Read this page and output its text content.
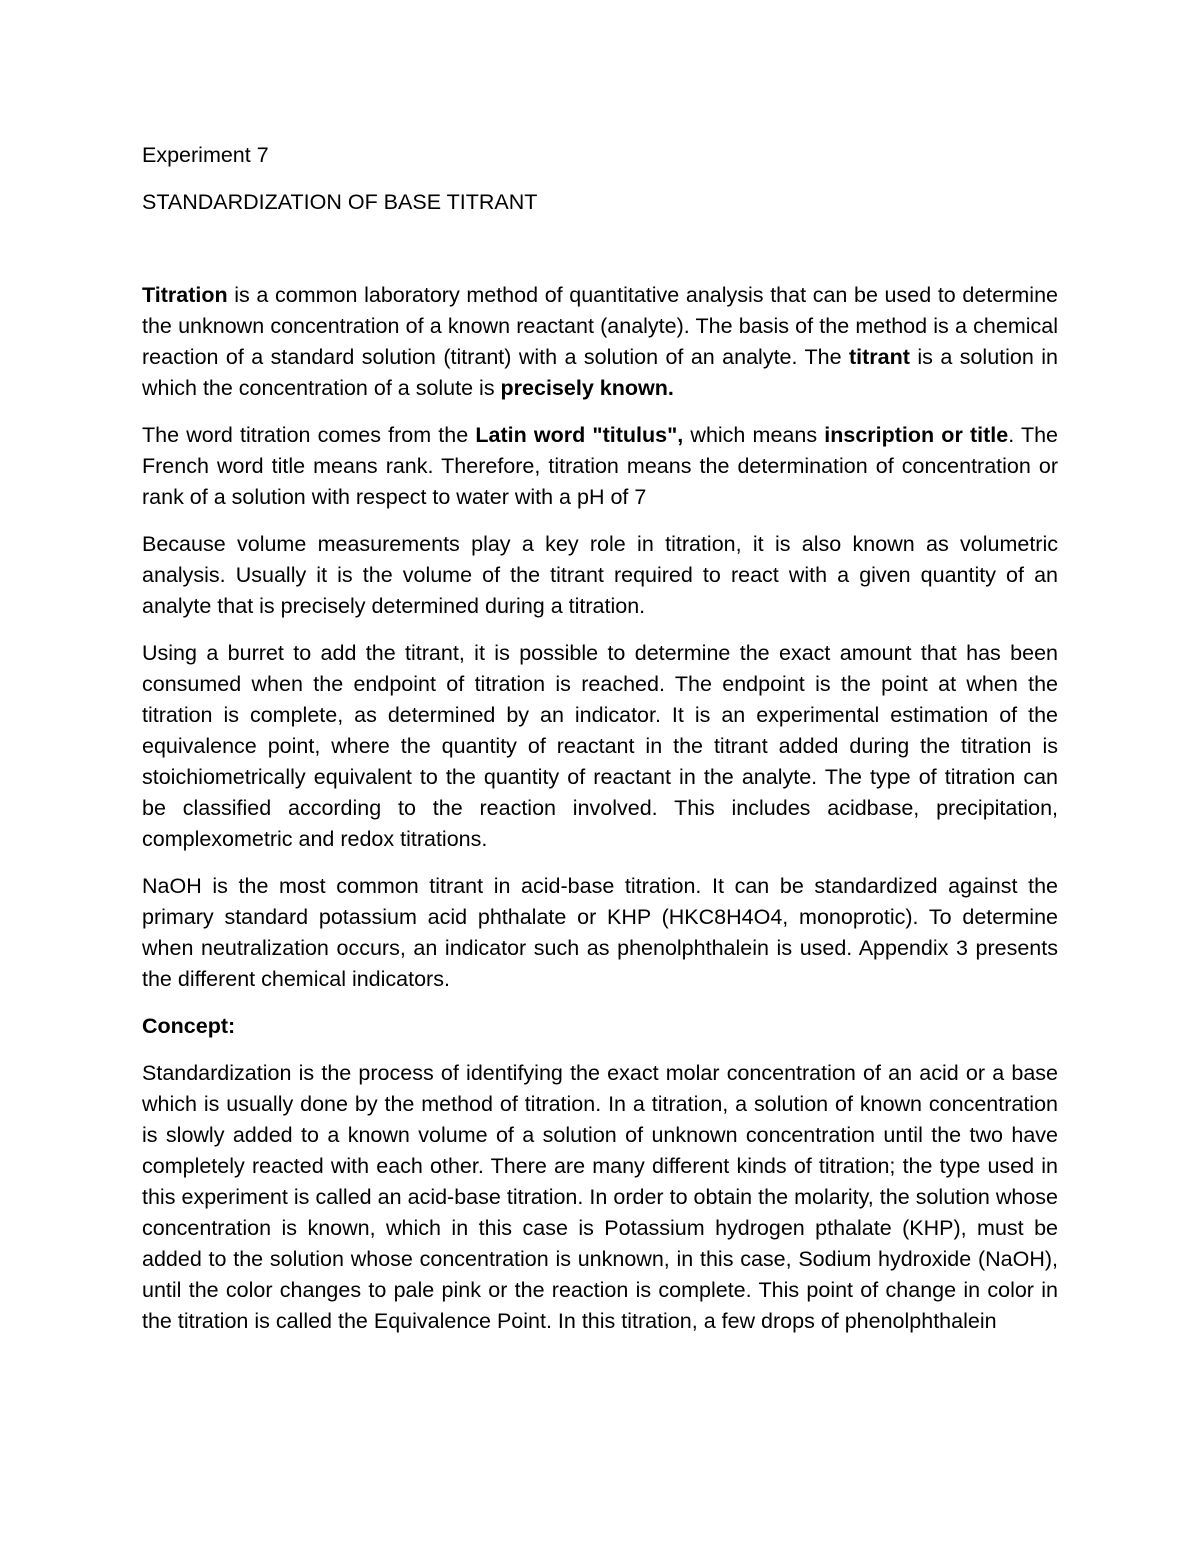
Experiment 7
STANDARDIZATION OF BASE TITRANT

Titration is a common laboratory method of quantitative analysis that can be used to determine the unknown concentration of a known reactant (analyte). The basis of the method is a chemical reaction of a standard solution (titrant) with a solution of an analyte. The titrant is a solution in which the concentration of a solute is precisely known.

The word titration comes from the Latin word "titulus", which means inscription or title. The French word title means rank. Therefore, titration means the determination of concentration or rank of a solution with respect to water with a pH of 7

Because volume measurements play a key role in titration, it is also known as volumetric analysis. Usually it is the volume of the titrant required to react with a given quantity of an analyte that is precisely determined during a titration.

Using a burret to add the titrant, it is possible to determine the exact amount that has been consumed when the endpoint of titration is reached. The endpoint is the point at when the titration is complete, as determined by an indicator. It is an experimental estimation of the equivalence point, where the quantity of reactant in the titrant added during the titration is stoichiometrically equivalent to the quantity of reactant in the analyte. The type of titration can be classified according to the reaction involved. This includes acidbase, precipitation, complexometric and redox titrations.

NaOH is the most common titrant in acid-base titration. It can be standardized against the primary standard potassium acid phthalate or KHP (HKC8H4O4, monoprotic). To determine when neutralization occurs, an indicator such as phenolphthalein is used. Appendix 3 presents the different chemical indicators.

Concept:

Standardization is the process of identifying the exact molar concentration of an acid or a base which is usually done by the method of titration. In a titration, a solution of known concentration is slowly added to a known volume of a solution of unknown concentration until the two have completely reacted with each other. There are many different kinds of titration; the type used in this experiment is called an acid-base titration. In order to obtain the molarity, the solution whose concentration is known, which in this case is Potassium hydrogen pthalate (KHP), must be added to the solution whose concentration is unknown, in this case, Sodium hydroxide (NaOH), until the color changes to pale pink or the reaction is complete. This point of change in color in the titration is called the Equivalence Point. In this titration, a few drops of phenolphthalein
